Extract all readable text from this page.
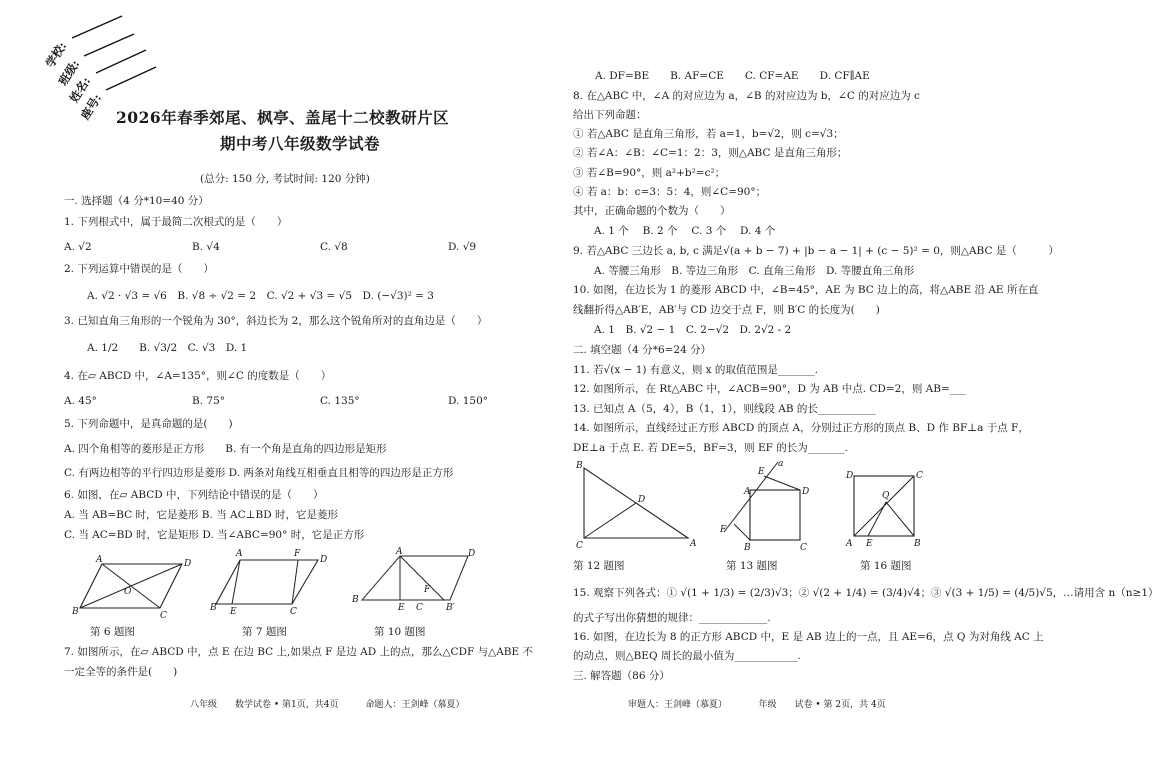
学校:
班级:
姓名:
座号: 2026年春季郊尾、枫亭、盖尾十二校教研片区
期中考八年级数学试卷
(总分: 150 分, 考试时间: 120 分钟)
一. 选择题（4 分*10=40 分）
1. 下列根式中，属于最简二次根式的是（　　）
A. √2	B. √4	C. √8	D. √9
2. 下列运算中错误的是（　　）
A. √2 · √3 = √6　B. √8 ÷ √2 = 2　C. √2 + √3 = √5　D. (−√3)² = 3
3. 已知直角三角形的一个锐角为 30°，斜边长为 2，那么这个锐角所对的直角边是（　　）
A. 1/2　　B. √3/2　C. √3　D. 1
4. 在▱ ABCD 中，∠A=135°，则∠C 的度数是（　　）
A. 45°	B. 75°	C. 135°	D. 150°
5. 下列命题中，是真命题的是(　　)
A. 四个角相等的菱形是正方形　　B. 有一个角是直角的四边形是矩形
C. 有两边相等的平行四边形是菱形 D. 两条对角线互相垂直且相等的四边形是正方形
6. 如图，在▱ ABCD 中，下列结论中错误的是（　　）
A. 当 AB=BC 时，它是菱形 B. 当 AC⊥BD 时，它是菱形
C. 当 AC=BD 时，它是矩形 D. 当∠ABC=90° 时，它是正方形
A	D
B	C
O
A	F
D
B E	C
A	D
B
E C
F
B′
第 6 题图	第 7 题图	第 10 题图
7. 如图所示，在▱ ABCD 中，点 E 在边 BC 上,如果点 F 是边 AD 上的点，那么△CDF 与△ABE 不
一定全等的条件是(　　)
八年级　　数学试卷 • 第1页，共4页　　　命题人：王剑峰（慕夏）
A. DF=BE　　B. AF=CE　　C. CF=AE　　D. CF∥AE
8. 在△ABC 中，∠A 的对应边为 a，∠B 的对应边为 b，∠C 的对应边为 c
给出下列命题：
① 若△ABC 是直角三角形，若 a=1，b=√2，则 c=√3；
② 若∠A：∠B：∠C=1：2：3，则△ABC 是直角三角形；
③ 若∠B=90°，则 a²+b²=c²；
④ 若 a：b：c=3：5：4，则∠C=90°；
其中，正确命题的个数为（　　）
A. 1 个　 B. 2 个　 C. 3 个　 D. 4 个
9. 若△ABC 三边长 a, b, c 满足√(a + b − 7) + |b − a − 1| + (c − 5)² = 0，则△ABC 是（　　　）
A. 等腰三角形　B. 等边三角形　C. 直角三角形　D. 等腰直角三角形
10. 如图，在边长为 1 的菱形 ABCD 中，∠B=45°，AE 为 BC 边上的高，将△ABE 沿 AE 所在直
线翻折得△AB′E，AB′与 CD 边交于点 F，则 B′C 的长度为(　　)
A. 1　B. √2 − 1　C. 2−√2　D. 2√2 - 2
二. 填空题（4 分*6=24 分）
11. 若√(x − 1) 有意义，则 x 的取值范围是_______.
12. 如图所示，在 Rt△ABC 中，∠ACB=90°，D 为 AB 中点. CD=2，则 AB=___
13. 已知点 A（5，4），B（1，1），则线段 AB 的长___________
14. 如图所示，直线经过正方形 ABCD 的顶点 A，分别过正方形的顶点 B、D 作 BF⊥a 于点 F，
DE⊥a 于点 E. 若 DE=5，BF=3，则 EF 的长为_______.
B
C	A
D
A	D
B	C
E
a
F
D	C
A E	B
Q
第 12 题图	第 13 题图	第 16 题图
15. 观察下列各式：① √(1 + 1/3) = (2/3)√3；② √(2 + 1/4) = (3/4)√4；③ √(3 + 1/5) = (4/5)√5，…请用含 n（n≥1）
的式子写出你猜想的规律：_____________.
16. 如图，在边长为 8 的正方形 ABCD 中，E 是 AB 边上的一点，且 AE=6，点 Q 为对角线 AC 上
的动点，则△BEQ 周长的最小值为____________.
三. 解答题（86 分）
审题人：王剑峰（慕夏）　　　　年级　　试卷 • 第 2页，共 4页
